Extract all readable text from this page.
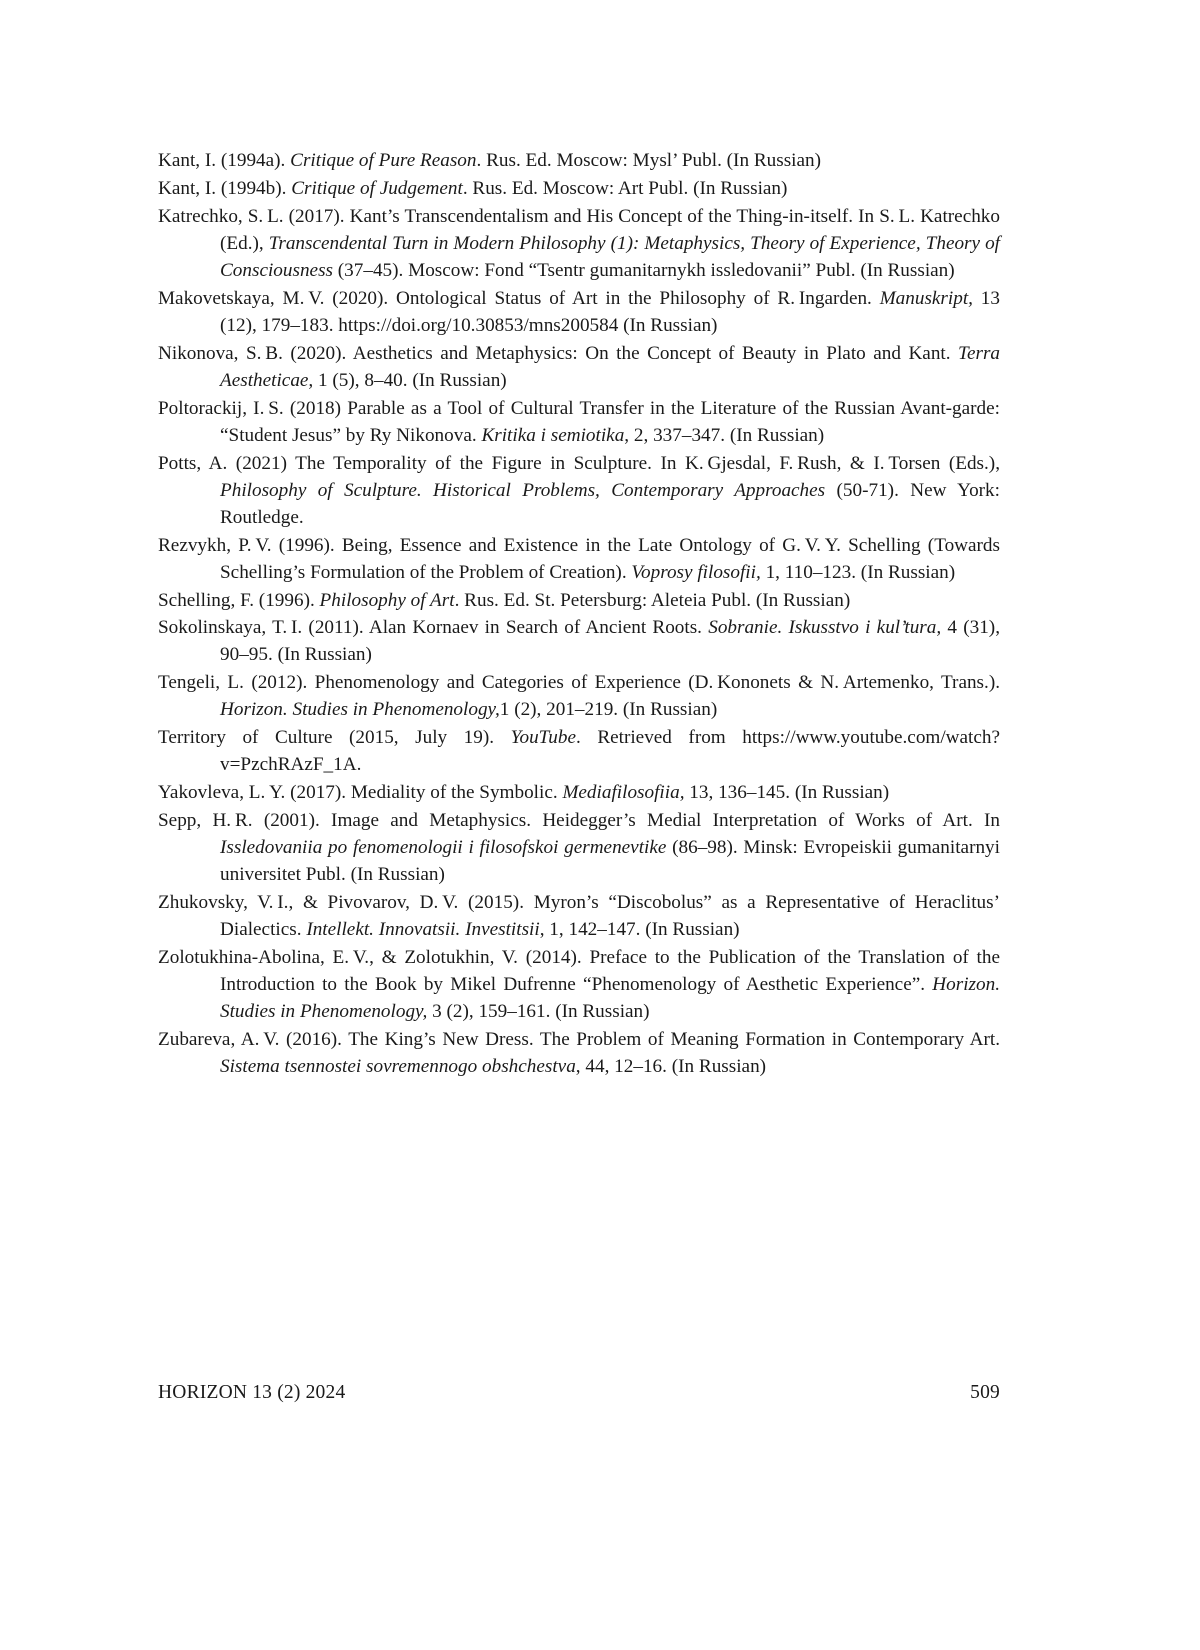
Kant, I. (1994a). Critique of Pure Reason. Rus. Ed. Moscow: Mysl’ Publ. (In Russian)

Kant, I. (1994b). Critique of Judgement. Rus. Ed. Moscow: Art Publ. (In Russian)

Katrechko, S. L. (2017). Kant’s Transcendentalism and His Concept of the Thing-in-itself. In S. L. Katrechko (Ed.), Transcendental Turn in Modern Philosophy (1): Metaphysics, Theory of Experience, Theory of Consciousness (37–45). Moscow: Fond “Tsentr gumanitarnykh issledovanii” Publ. (In Russian)

Makovetskaya, M. V. (2020). Ontological Status of Art in the Philosophy of R. Ingarden. Manuskript, 13 (12), 179–183. https://doi.org/10.30853/mns200584 (In Russian)

Nikonova, S. B. (2020). Aesthetics and Metaphysics: On the Concept of Beauty in Plato and Kant. Terra Aestheticae, 1 (5), 8–40. (In Russian)

Poltorackij, I. S. (2018) Parable as a Tool of Cultural Transfer in the Literature of the Russian Avant-garde: “Student Jesus” by Ry Nikonova. Kritika i semiotika, 2, 337–347. (In Russian)

Potts, A. (2021) The Temporality of the Figure in Sculpture. In K. Gjesdal, F. Rush, & I. Torsen (Eds.), Philosophy of Sculpture. Historical Problems, Contemporary Approaches (50-71). New York: Routledge.

Rezvykh, P. V. (1996). Being, Essence and Existence in the Late Ontology of G. V. Y. Schelling (Towards Schelling’s Formulation of the Problem of Creation). Voprosy filosofii, 1, 110–123. (In Russian)

Schelling, F. (1996). Philosophy of Art. Rus. Ed. St. Petersburg: Aleteia Publ. (In Russian)

Sokolinskaya, T. I. (2011). Alan Kornaev in Search of Ancient Roots. Sobranie. Iskusstvo i kul’tura, 4 (31), 90–95. (In Russian)

Tengeli, L. (2012). Phenomenology and Categories of Experience (D. Kononets & N. Artemenko, Trans.). Horizon. Studies in Phenomenology,1 (2), 201–219. (In Russian)

Territory of Culture (2015, July 19). YouTube. Retrieved from https://www.youtube.com/watch?v=PzchRAzF_1A.

Yakovleva, L. Y. (2017). Mediality of the Symbolic. Mediafilosofiia, 13, 136–145. (In Russian)

Sepp, H. R. (2001). Image and Metaphysics. Heidegger’s Medial Interpretation of Works of Art. In Issledovaniia po fenomenologii i filosofskoi germenevtike (86–98). Minsk: Evropeiskii gumanitarnyi universitet Publ. (In Russian)

Zhukovsky, V. I., & Pivovarov, D. V. (2015). Myron’s “Discobolus” as a Representative of Heraclitus’ Dialectics. Intellekt. Innovatsii. Investitsii, 1, 142–147. (In Russian)

Zolotukhina-Abolina, E. V., & Zolotukhin, V. (2014). Preface to the Publication of the Translation of the Introduction to the Book by Mikel Dufrenne “Phenomenology of Aesthetic Experience”. Horizon. Studies in Phenomenology, 3 (2), 159–161. (In Russian)

Zubareva, A. V. (2016). The King’s New Dress. The Problem of Meaning Formation in Contemporary Art. Sistema tsennostei sovremennogo obshchestva, 44, 12–16. (In Russian)

HORIZON 13 (2) 2024	509
